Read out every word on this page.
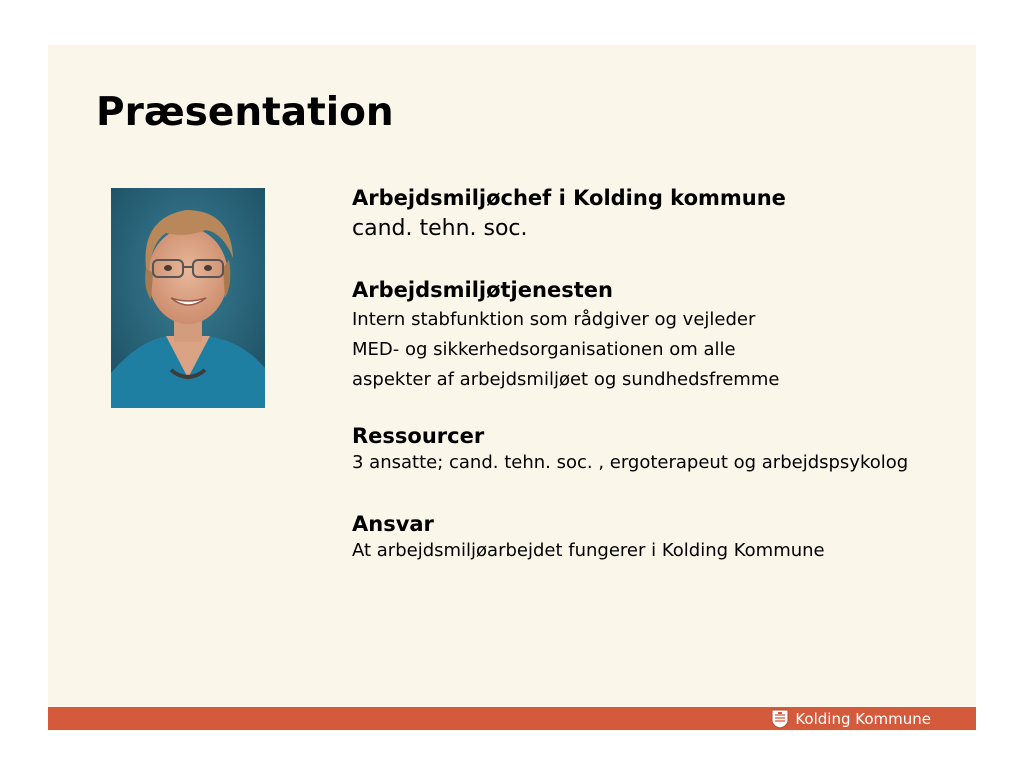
Præsentation

Arbejdsmiljøchef i Kolding kommune

cand. tehn. soc.

Arbejdsmiljøtjenesten

Intern stabfunktion som rådgiver og vejleder

MED- og sikkerhedsorganisationen om alle

aspekter af arbejdsmiljøet og sundhedsfremme

Ressourcer

3 ansatte; cand. tehn. soc. , ergoterapeut og arbejdspsykolog

Ansvar

At arbejdsmiljøarbejdet fungerer i Kolding Kommune

Kolding Kommune
